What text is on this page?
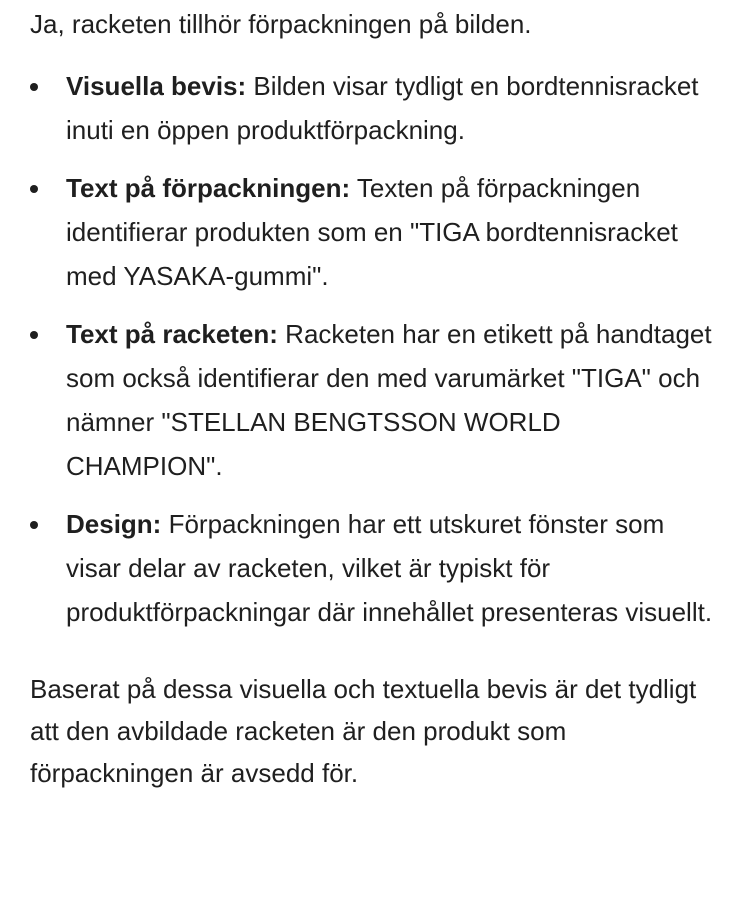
Ja, racketen tillhör förpackningen på bilden.

Visuella bevis: Bilden visar tydligt en bordtennisracket inuti en öppen produktförpackning.
Text på förpackningen: Texten på förpackningen identifierar produkten som en "TIGA bordtennisracket med YASAKA-gummi".
Text på racketen: Racketen har en etikett på handtaget som också identifierar den med varumärket "TIGA" och nämner "STELLAN BENGTSSON WORLD CHAMPION".
Design: Förpackningen har ett utskuret fönster som visar delar av racketen, vilket är typiskt för produktförpackningar där innehållet presenteras visuellt.

Baserat på dessa visuella och textuella bevis är det tydligt att den avbildade racketen är den produkt som förpackningen är avsedd för.
